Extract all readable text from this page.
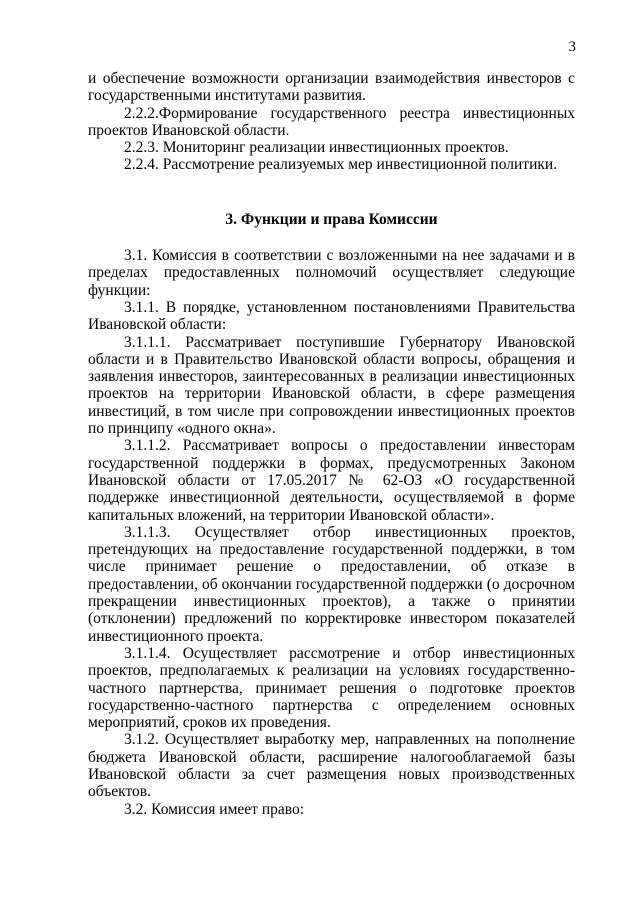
3

и обеспечение возможности организации взаимодействия инвесторов с государственными институтами развития.

2.2.2.Формирование государственного реестра инвестиционных проектов Ивановской области.

2.2.3. Мониторинг реализации инвестиционных проектов.

2.2.4. Рассмотрение реализуемых мер инвестиционной политики.

3. Функции и права Комиссии

3.1. Комиссия в соответствии с возложенными на нее задачами и в пределах предоставленных полномочий осуществляет следующие функции:

3.1.1. В порядке, установленном постановлениями Правительства Ивановской области:

3.1.1.1. Рассматривает поступившие Губернатору Ивановской области и в Правительство Ивановской области вопросы, обращения и заявления инвесторов, заинтересованных в реализации инвестиционных проектов на территории Ивановской области, в сфере размещения инвестиций, в том числе при сопровождении инвестиционных проектов по принципу «одного окна».

3.1.1.2. Рассматривает вопросы о предоставлении инвесторам государственной поддержки в формах, предусмотренных Законом Ивановской области от 17.05.2017 № 62-ОЗ «О государственной поддержке инвестиционной деятельности, осуществляемой в форме капитальных вложений, на территории Ивановской области».

3.1.1.3. Осуществляет отбор инвестиционных проектов, претендующих на предоставление государственной поддержки, в том числе принимает решение о предоставлении, об отказе в предоставлении, об окончании государственной поддержки (о досрочном прекращении инвестиционных проектов), а также о принятии (отклонении) предложений по корректировке инвестором показателей инвестиционного проекта.

3.1.1.4. Осуществляет рассмотрение и отбор инвестиционных проектов, предполагаемых к реализации на условиях государственно-частного партнерства, принимает решения о подготовке проектов государственно-частного партнерства с определением основных мероприятий, сроков их проведения.

3.1.2. Осуществляет выработку мер, направленных на пополнение бюджета Ивановской области, расширение налогооблагаемой базы Ивановской области за счет размещения новых производственных объектов.

3.2. Комиссия имеет право:
